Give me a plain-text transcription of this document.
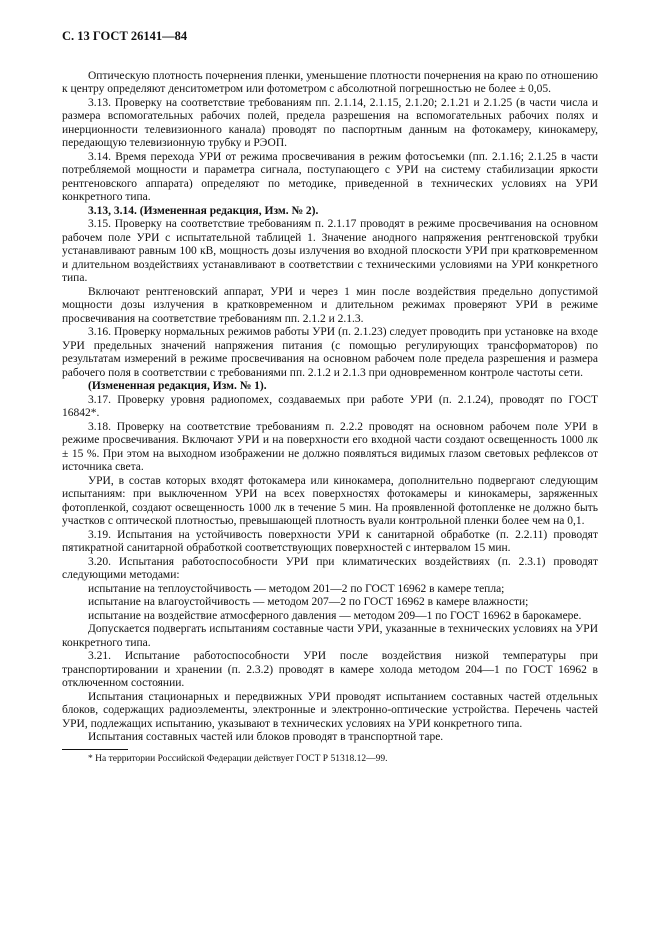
С. 13 ГОСТ 26141—84

Оптическую плотность почернения пленки, уменьшение плотности почернения на краю по отношению к центру определяют денситометром или фотометром с абсолютной погрешностью не более ± 0,05.

3.13. Проверку на соответствие требованиям пп. 2.1.14, 2.1.15, 2.1.20; 2.1.21 и 2.1.25 (в части числа и размера вспомогательных рабочих полей, предела разрешения на вспомогательных рабочих полях и инерционности телевизионного канала) проводят по паспортным данным на фотокамеру, кинокамеру, передающую телевизионную трубку и РЭОП.

3.14. Время перехода УРИ от режима просвечивания в режим фотосъемки (пп. 2.1.16; 2.1.25 в части потребляемой мощности и параметра сигнала, поступающего с УРИ на систему стабилизации яркости рентгеновского аппарата) определяют по методике, приведенной в технических условиях на УРИ конкретного типа.

3.13, 3.14. (Измененная редакция, Изм. № 2).

3.15. Проверку на соответствие требованиям п. 2.1.17 проводят в режиме просвечивания на основном рабочем поле УРИ с испытательной таблицей 1. Значение анодного напряжения рентгеновской трубки устанавливают равным 100 кВ, мощность дозы излучения во входной плоскости УРИ при кратковременном и длительном воздействиях устанавливают в соответствии с техническими условиями на УРИ конкретного типа.

Включают рентгеновский аппарат, УРИ и через 1 мин после воздействия предельно допустимой мощности дозы излучения в кратковременном и длительном режимах проверяют УРИ в режиме просвечивания на соответствие требованиям пп. 2.1.2 и 2.1.3.

3.16. Проверку нормальных режимов работы УРИ (п. 2.1.23) следует проводить при установке на входе УРИ предельных значений напряжения питания (с помощью регулирующих трансформаторов) по результатам измерений в режиме просвечивания на основном рабочем поле предела разрешения и размера рабочего поля в соответствии с требованиями пп. 2.1.2 и 2.1.3 при одновременном контроле частоты сети.

(Измененная редакция, Изм. № 1).

3.17. Проверку уровня радиопомех, создаваемых при работе УРИ (п. 2.1.24), проводят по ГОСТ 16842*.

3.18. Проверку на соответствие требованиям п. 2.2.2 проводят на основном рабочем поле УРИ в режиме просвечивания. Включают УРИ и на поверхности его входной части создают освещенность 1000 лк ± 15 %. При этом на выходном изображении не должно появляться видимых глазом световых рефлексов от источника света.

УРИ, в состав которых входят фотокамера или кинокамера, дополнительно подвергают следующим испытаниям: при выключенном УРИ на всех поверхностях фотокамеры и кинокамеры, заряженных фотопленкой, создают освещенность 1000 лк в течение 5 мин. На проявленной фотопленке не должно быть участков с оптической плотностью, превышающей плотность вуали контрольной пленки более чем на 0,1.

3.19. Испытания на устойчивость поверхности УРИ к санитарной обработке (п. 2.2.11) проводят пятикратной санитарной обработкой соответствующих поверхностей с интервалом 15 мин.

3.20. Испытания работоспособности УРИ при климатических воздействиях (п. 2.3.1) проводят следующими методами:

испытание на теплоустойчивость — методом 201—2 по ГОСТ 16962 в камере тепла;

испытание на влагоустойчивость — методом 207—2 по ГОСТ 16962 в камере влажности;

испытание на воздействие атмосферного давления — методом 209—1 по ГОСТ 16962 в барокамере.

Допускается подвергать испытаниям составные части УРИ, указанные в технических условиях на УРИ конкретного типа.

3.21. Испытание работоспособности УРИ после воздействия низкой температуры при транспортировании и хранении (п. 2.3.2) проводят в камере холода методом 204—1 по ГОСТ 16962 в отключенном состоянии.

Испытания стационарных и передвижных УРИ проводят испытанием составных частей отдельных блоков, содержащих радиоэлементы, электронные и электронно-оптические устройства. Перечень частей УРИ, подлежащих испытанию, указывают в технических условиях на УРИ конкретного типа.

Испытания составных частей или блоков проводят в транспортной таре.

* На территории Российской Федерации действует ГОСТ Р 51318.12—99.
